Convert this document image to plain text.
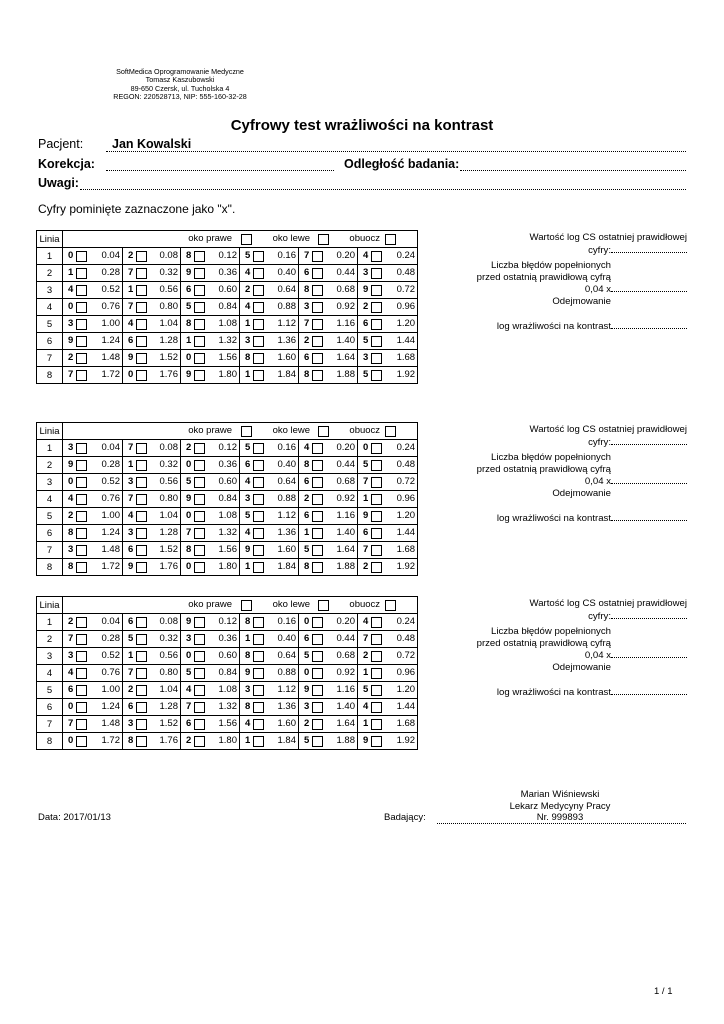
SoftMedica Oprogramowanie Medyczne
Tomasz Kaszubowski
89-650 Czersk, ul. Tucholska 4
REGON: 220528713, NIP: 555-160-32-28
Cyfrowy test wrażliwości na kontrast
Pacjent: Jan Kowalski
Korekcja:	Odległość badania:
Uwagi:
Cyfry pominięte zaznaczone jako "x".
Linia	oko prawe oko lewe obuocz					

1	0 0.04	2 0.08	8 0.12	5 0.16	7 0.20	4 0.24

2	1 0.28	7 0.32	9 0.36	4 0.40	6 0.44	3 0.48

3	4 0.52	1 0.56	6 0.60	2 0.64	8 0.68	9 0.72

4	0 0.76	7 0.80	5 0.84	4 0.88	3 0.92	2 0.96

5	3 1.00	4 1.04	8 1.08	1 1.12	7 1.16	6 1.20

6	9 1.24	6 1.28	1 1.32	3 1.36	2 1.40	5 1.44

7	2 1.48	9 1.52	0 1.56	8 1.60	6 1.64	3 1.68

8	7 1.72	0 1.76	9 1.80	1 1.84	8 1.88	5 1.92
Wartość log CS ostatniej prawidłowej
cyfry:
Liczba błędów popełnionych
przed ostatnią prawidłową cyfrą
0,04 x
Odejmowanie
log wrażliwości na kontrast
Linia	oko prawe oko lewe obuocz					

1	3 0.04	7 0.08	2 0.12	5 0.16	4 0.20	0 0.24

2	9 0.28	1 0.32	0 0.36	6 0.40	8 0.44	5 0.48

3	0 0.52	3 0.56	5 0.60	4 0.64	6 0.68	7 0.72

4	4 0.76	7 0.80	9 0.84	3 0.88	2 0.92	1 0.96

5	2 1.00	4 1.04	0 1.08	5 1.12	6 1.16	9 1.20

6	8 1.24	3 1.28	7 1.32	4 1.36	1 1.40	6 1.44

7	3 1.48	6 1.52	8 1.56	9 1.60	5 1.64	7 1.68

8	8 1.72	9 1.76	0 1.80	1 1.84	8 1.88	2 1.92
Wartość log CS ostatniej prawidłowej
cyfry:
Liczba błędów popełnionych
przed ostatnią prawidłową cyfrą
0,04 x
Odejmowanie
log wrażliwości na kontrast
Linia	oko prawe oko lewe obuocz					

1	2 0.04	6 0.08	9 0.12	8 0.16	0 0.20	4 0.24

2	7 0.28	5 0.32	3 0.36	1 0.40	6 0.44	7 0.48

3	3 0.52	1 0.56	0 0.60	8 0.64	5 0.68	2 0.72

4	4 0.76	7 0.80	5 0.84	9 0.88	0 0.92	1 0.96

5	6 1.00	2 1.04	4 1.08	3 1.12	9 1.16	5 1.20

6	0 1.24	6 1.28	7 1.32	8 1.36	3 1.40	4 1.44

7	7 1.48	3 1.52	6 1.56	4 1.60	2 1.64	1 1.68

8	0 1.72	8 1.76	2 1.80	1 1.84	5 1.88	9 1.92
Wartość log CS ostatniej prawidłowej
cyfry:
Liczba błędów popełnionych
przed ostatnią prawidłową cyfrą
0,04 x
Odejmowanie
log wrażliwości na kontrast
Marian Wiśniewski
Lekarz Medycyny Pracy
Nr. 999893
Data: 2017/01/13	Badający:
1 / 1
